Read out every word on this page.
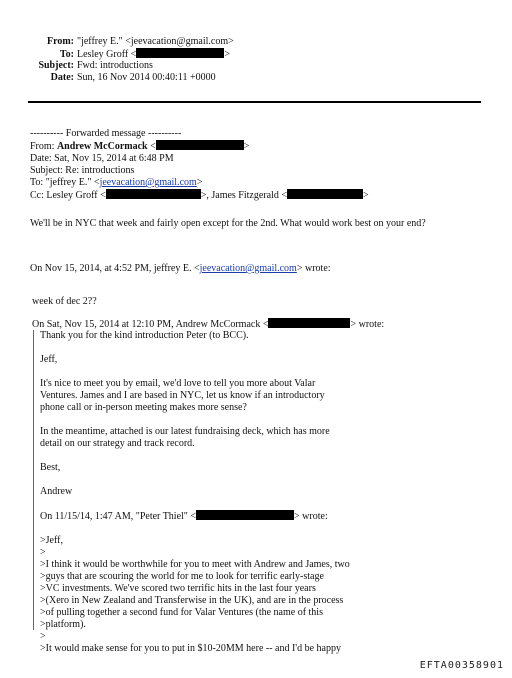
From: "jeffrey E." <jeevacation@gmail.com>
To: Lesley Groff <	>
Subject: Fwd: introductions
Date: Sun, 16 Nov 2014 00:40:11 +0000
---------- Forwarded message ----------
From: Andrew McCormack <	>
Date: Sat, Nov 15, 2014 at 6:48 PM
Subject: Re: introductions
To: "jeffrey E." <jeevacation@gmail.com>
Cc: Lesley Groff <	>, James Fitzgerald <	>
We'll be in NYC that week and fairly open except for the 2nd. What would work best on your end?
On Nov 15, 2014, at 4:52 PM, jeffrey E. <jeevacation@gmail.com> wrote:
week of dec 2??
On Sat, Nov 15, 2014 at 12:10 PM, Andrew McCormack <	> wrote:
Thank you for the kind introduction Peter (to BCC).

Jeff,

It's nice to meet you by email, we'd love to tell you more about Valar
Ventures. James and I are based in NYC, let us know if an introductory
phone call or in-person meeting makes more sense?

In the meantime, attached is our latest fundraising deck, which has more
detail on our strategy and track record.

Best,

Andrew

On 11/15/14, 1:47 AM, "Peter Thiel" <	> wrote:

>Jeff,
>
>I think it would be worthwhile for you to meet with Andrew and James, two
>guys that are scouring the world for me to look for terrific early-stage
>VC investments. We've scored two terrific hits in the last four years
>(Xero in New Zealand and Transferwise in the UK), and are in the process
>of pulling together a second fund for Valar Ventures (the name of this
>platform).
>
>It would make sense for you to put in $10-20MM here -- and I'd be happy
EFTA00358901
